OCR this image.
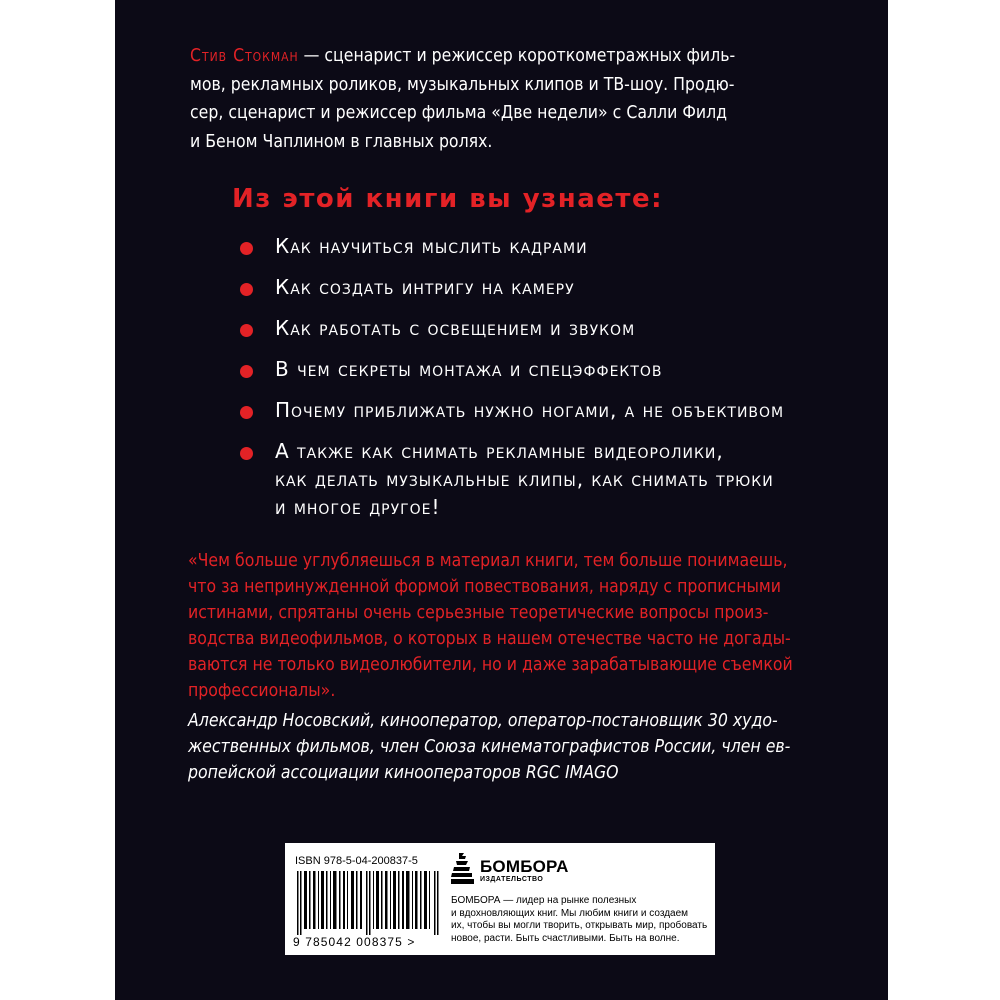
Стив Стокман — сценарист и режиссер короткометражных филь-
мов, рекламных роликов, музыкальных клипов и ТВ-шоу. Продю-
сер, сценарист и режиссер фильма «Две недели» с Салли Филд
и Беном Чаплином в главных ролях.

Из этой книги вы узнаете:
Как научиться мыслить кадрами
Как создать интригу на камеру
Как работать с освещением и звуком
В чем секреты монтажа и спецэффектов
Почему приближать нужно ногами, а не объективом
А также как снимать рекламные видеоролики,
как делать музыкальные клипы, как снимать трюки
и многое другое!

«Чем больше углубляешься в материал книги, тем больше понимаешь,
что за непринужденной формой повествования, наряду с прописными
истинами, спрятаны очень серьезные теоретические вопросы произ-
водства видеофильмов, о которых в нашем отечестве часто не догады-
ваются не только видеолюбители, но и даже зарабатывающие съемкой
профессионалы».

Александр Носовский, кинооператор, оператор-постановщик 30 худо-
жественных фильмов, член Союза кинематографистов России, член ев-
ропейской ассоциации кинооператоров RGC IMAGO

ISBN 978-5-04-200837-5
9 785042 008375 >
БОМБОРА
ИЗДАТЕЛЬСТВО
БОМБОРА — лидер на рынке полезных
и вдохновляющих книг. Мы любим книги и создаем
их, чтобы вы могли творить, открывать мир, пробовать
новое, расти. Быть счастливыми. Быть на волне.
